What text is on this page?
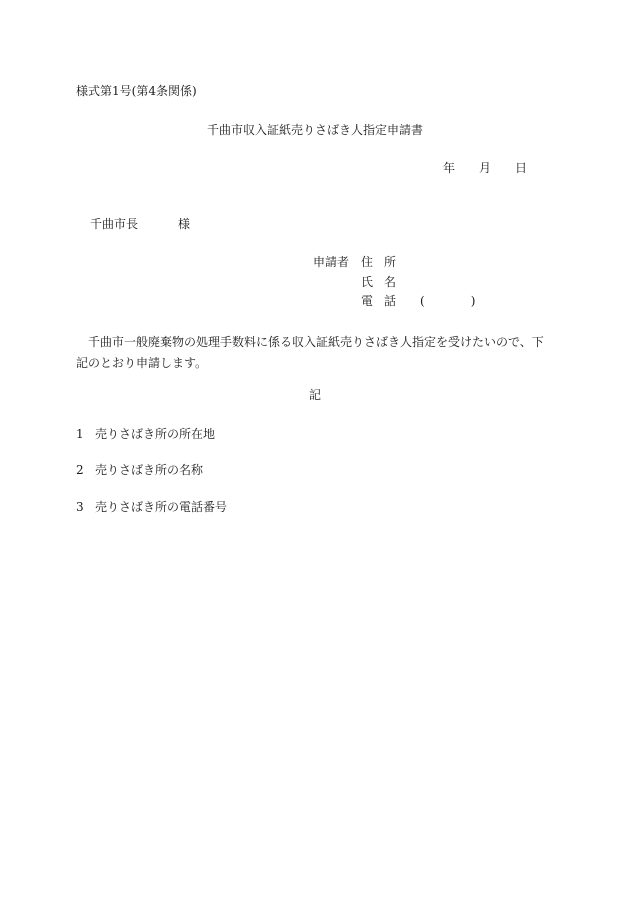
様式第1号(第4条関係)
千曲市収入証紙売りさばき人指定申請書
年 月 日
千曲市長	様
申請者 住所
氏名
電話 (	)
千曲市一般廃棄物の処理手数料に係る収入証紙売りさばき人指定を受けたいので、下記のとおり申請します。
記
1 売りさばき所の所在地
2 売りさばき所の名称
3 売りさばき所の電話番号
